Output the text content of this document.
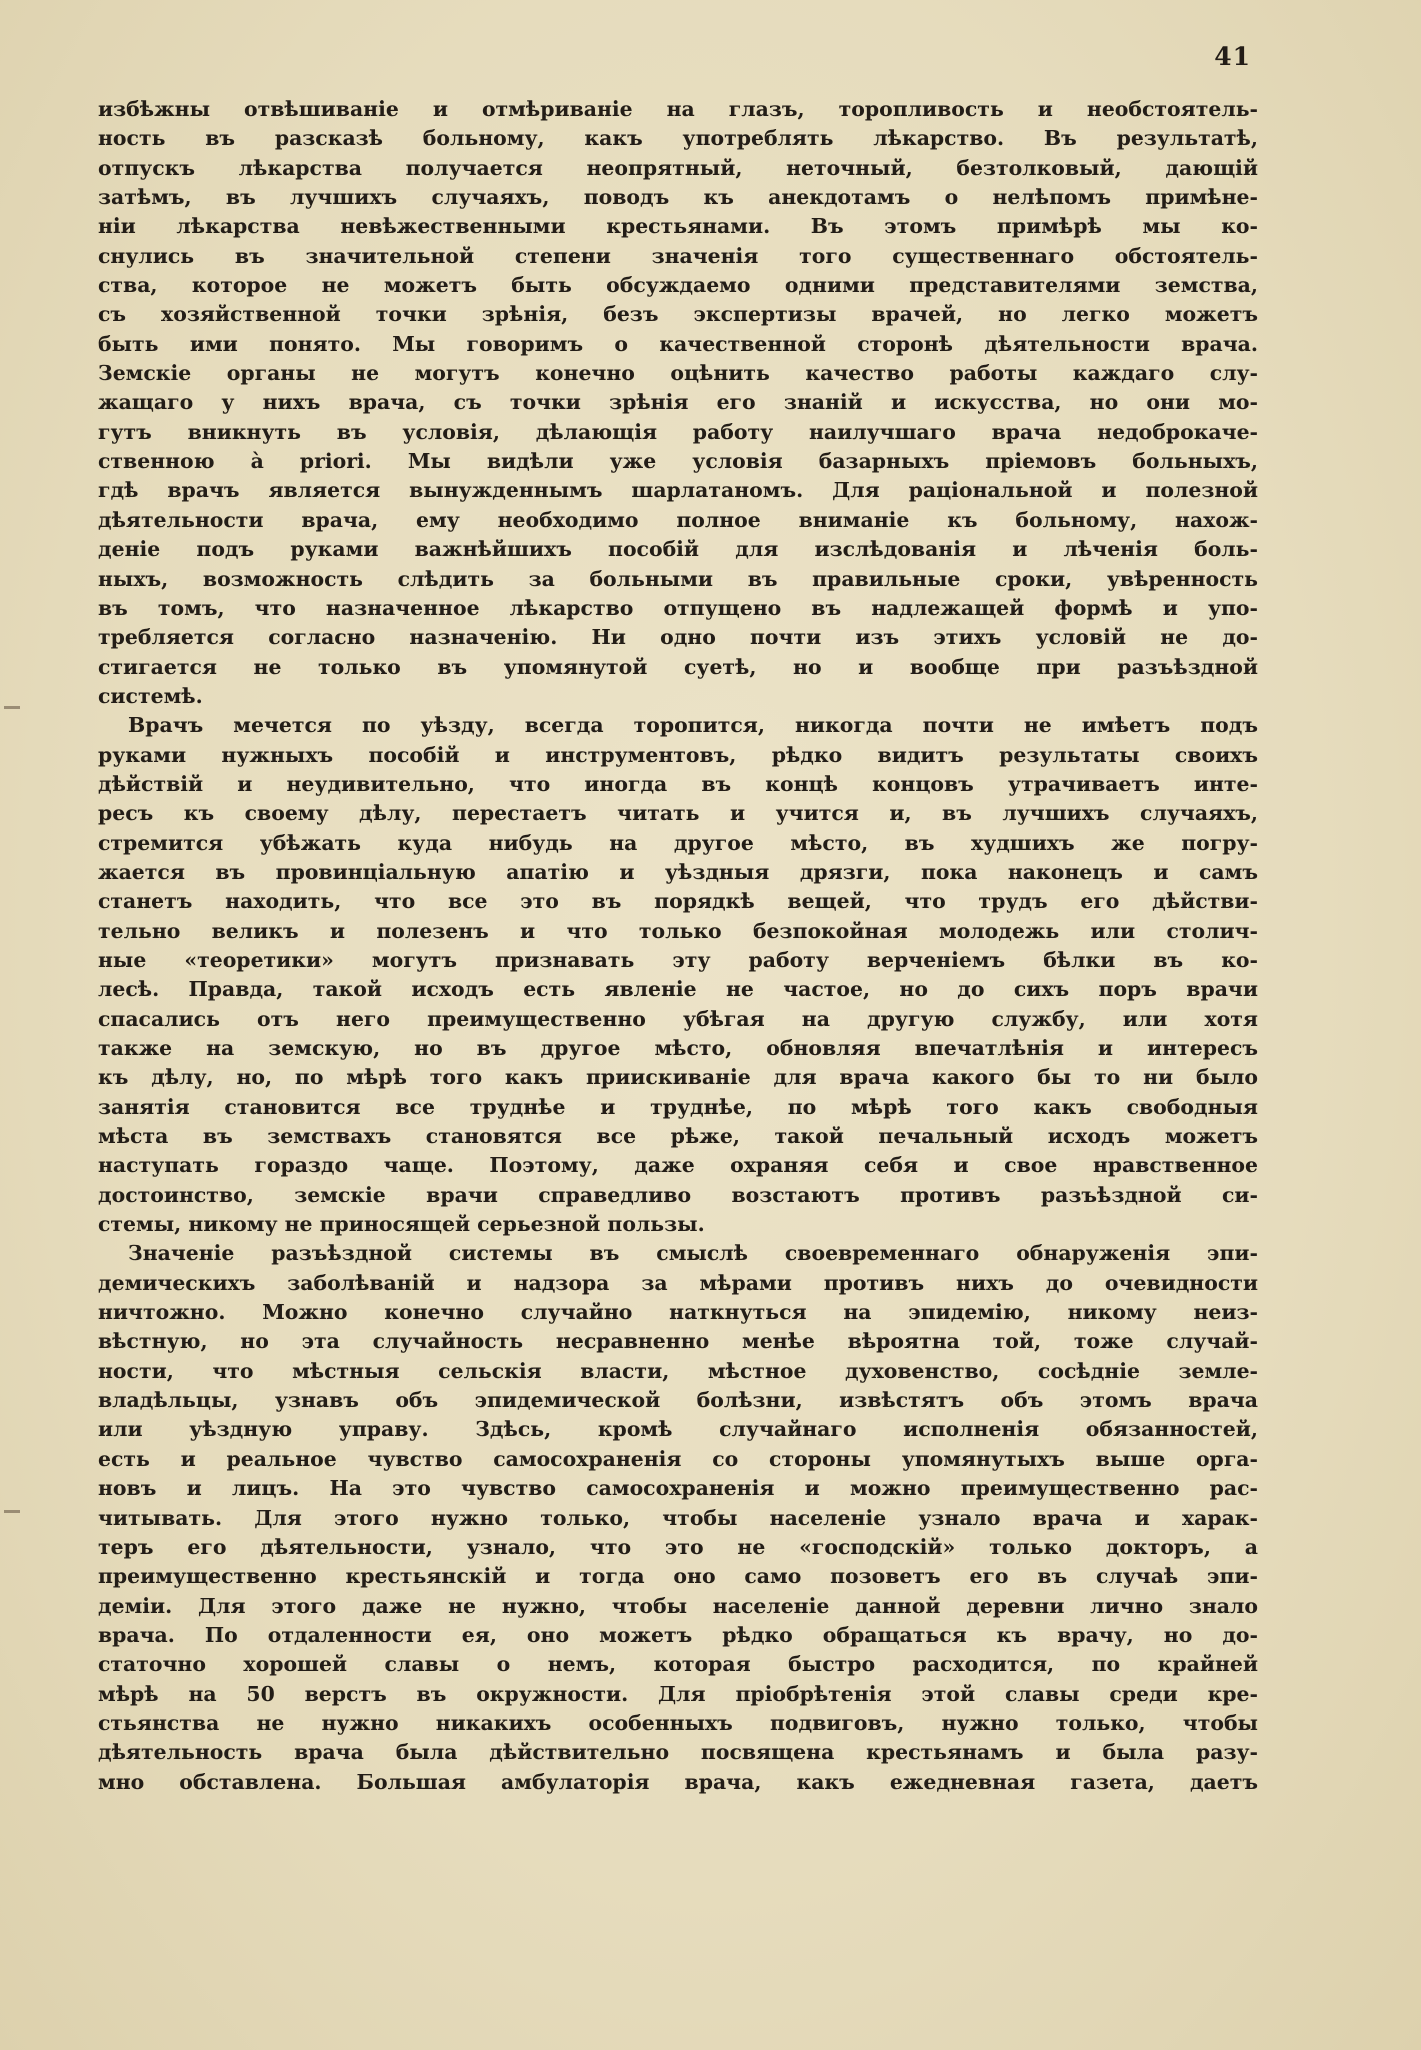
41
избѣжны отвѣшиваніе и отмѣриваніе на глазъ, торопливость и необстоятель-
ность въ разсказѣ больному, какъ употреблять лѣкарство. Въ результатѣ,
отпускъ лѣкарства получается неопрятный, неточный, безтолковый, дающій
затѣмъ, въ лучшихъ случаяхъ, поводъ къ анекдотамъ о нелѣпомъ примѣне-
ніи лѣкарства невѣжественными крестьянами. Въ этомъ примѣрѣ мы ко-
снулись въ значительной степени значенія того существеннаго обстоятель-
ства, которое не можетъ быть обсуждаемо одними представителями земства,
съ хозяйственной точки зрѣнія, безъ экспертизы врачей, но легко можетъ
быть ими понято. Мы говоримъ о качественной сторонѣ дѣятельности врача.
Земскіе органы не могутъ конечно оцѣнить качество работы каждаго слу-
жащаго у нихъ врача, съ точки зрѣнія его знаній и искусства, но они мо-
гутъ вникнуть въ условія, дѣлающія работу наилучшаго врача недоброкаче-
ственною à priori. Мы видѣли уже условія базарныхъ пріемовъ больныхъ,
гдѣ врачъ является вынужденнымъ шарлатаномъ. Для раціональной и полезной
дѣятельности врача, ему необходимо полное вниманіе къ больному, нахож-
деніе подъ руками важнѣйшихъ пособій для изслѣдованія и лѣченія боль-
ныхъ, возможность слѣдить за больными въ правильные сроки, увѣренность
въ томъ, что назначенное лѣкарство отпущено въ надлежащей формѣ и упо-
требляется согласно назначенію. Ни одно почти изъ этихъ условій не до-
стигается не только въ упомянутой суетѣ, но и вообще при разъѣздной
системѣ.
Врачъ мечется по уѣзду, всегда торопится, никогда почти не имѣетъ подъ
руками нужныхъ пособій и инструментовъ, рѣдко видитъ результаты своихъ
дѣйствій и неудивительно, что иногда въ концѣ концовъ утрачиваетъ инте-
ресъ къ своему дѣлу, перестаетъ читать и учится и, въ лучшихъ случаяхъ,
стремится убѣжать куда нибудь на другое мѣсто, въ худшихъ же погру-
жается въ провинціальную апатію и уѣздныя дрязги, пока наконецъ и самъ
станетъ находить, что все это въ порядкѣ вещей, что трудъ его дѣйстви-
тельно великъ и полезенъ и что только безпокойная молодежь или столич-
ные «теоретики» могутъ признавать эту работу верченіемъ бѣлки въ ко-
лесѣ. Правда, такой исходъ есть явленіе не частое, но до сихъ поръ врачи
спасались отъ него преимущественно убѣгая на другую службу, или хотя
также на земскую, но въ другое мѣсто, обновляя впечатлѣнія и интересъ
къ дѣлу, но, по мѣрѣ того какъ приискиваніе для врача какого бы то ни было
занятія становится все труднѣе и труднѣе, по мѣрѣ того какъ свободныя
мѣста въ земствахъ становятся все рѣже, такой печальный исходъ можетъ
наступать гораздо чаще. Поэтому, даже охраняя себя и свое нравственное
достоинство, земскіе врачи справедливо возстаютъ противъ разъѣздной си-
стемы, никому не приносящей серьезной пользы.
Значеніе разъѣздной системы въ смыслѣ своевременнаго обнаруженія эпи-
демическихъ заболѣваній и надзора за мѣрами противъ нихъ до очевидности
ничтожно. Можно конечно случайно наткнуться на эпидемію, никому неиз-
вѣстную, но эта случайность несравненно менѣе вѣроятна той, тоже случай-
ности, что мѣстныя сельскія власти, мѣстное духовенство, сосѣдніе земле-
владѣльцы, узнавъ объ эпидемической болѣзни, извѣстятъ объ этомъ врача
или уѣздную управу. Здѣсь, кромѣ случайнаго исполненія обязанностей,
есть и реальное чувство самосохраненія со стороны упомянутыхъ выше орга-
новъ и лицъ. На это чувство самосохраненія и можно преимущественно рас-
читывать. Для этого нужно только, чтобы населеніе узнало врача и харак-
теръ его дѣятельности, узнало, что это не «господскій» только докторъ, а
преимущественно крестьянскій и тогда оно само позоветъ его въ случаѣ эпи-
деміи. Для этого даже не нужно, чтобы населеніе данной деревни лично знало
врача. По отдаленности ея, оно можетъ рѣдко обращаться къ врачу, но до-
статочно хорошей славы о немъ, которая быстро расходится, по крайней
мѣрѣ на 50 верстъ въ окружности. Для пріобрѣтенія этой славы среди кре-
стьянства не нужно никакихъ особенныхъ подвиговъ, нужно только, чтобы
дѣятельность врача была дѣйствительно посвящена крестьянамъ и была разу-
мно обставлена. Большая амбулаторія врача, какъ ежедневная газета, даетъ
